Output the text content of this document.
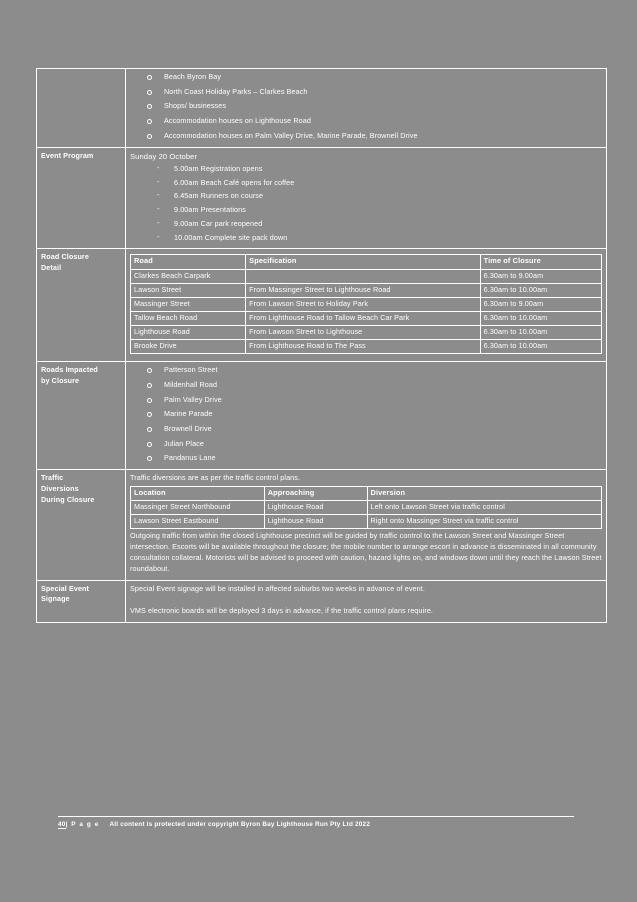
Beach Byron Bay
North Coast Holiday Parks – Clarkes Beach
Shops/ businesses
Accommodation houses on Lighthouse Road
Accommodation houses on Palm Valley Drive, Marine Parade, Brownell Drive

Event Program	Sunday 20 October

- 5.00am Registration opens
- 6.00am Beach Café opens for coffee
- 6.45am Runners on course
- 9.00am Presentations
- 9.00am Car park reopened
- 10.00am Complete site pack down

Road Closure
Detail

Road	Specification	Time of Closure
Clarkes Beach Carpark		6.30am to 9.00am
Lawson Street	From Massinger Street to Lighthouse Road	6.30am to 10.00am
Massinger Street	From Lawson Street to Holiday Park	6.30am to 9.00am
Tallow Beach Road	From Lighthouse Road to Tallow Beach Car Park	6.30am to 10.00am
Lighthouse Road	From Lawson Street to Lighthouse	6.30am to 10.00am
Brooke Drive	From Lighthouse Road to The Pass	6.30am to 10.00am

Roads Impacted
by Closure

Patterson Street
Mildenhall Road
Palm Valley Drive
Marine Parade
Brownell Drive
Julian Place
Pandanus Lane

Traffic
Diversions
During Closure

Traffic diversions are as per the traffic control plans.

Location	Approaching	Diversion
Massinger Street Northbound	Lighthouse Road	Left onto Lawson Street via traffic control
Lawson Street Eastbound	Lighthouse Road	Right onto Massinger Street via traffic control

Outgoing traffic from within the closed Lighthouse precinct will be guided by traffic control to the Lawson Street and Massinger Street intersection. Escorts will be available throughout the closure; the mobile number to arrange escort in advance is disseminated in all community consultation collateral. Motorists will be advised to proceed with caution, hazard lights on, and windows down until they reach the Lawson Street roundabout.

Special Event
Signage

Special Event signage will be installed in affected suburbs two weeks in advance of event.

VMS electronic boards will be deployed 3 days in advance, if the traffic control plans require.

40| P a g e All content is protected under copyright Byron Bay Lighthouse Run Pty Ltd 2022
